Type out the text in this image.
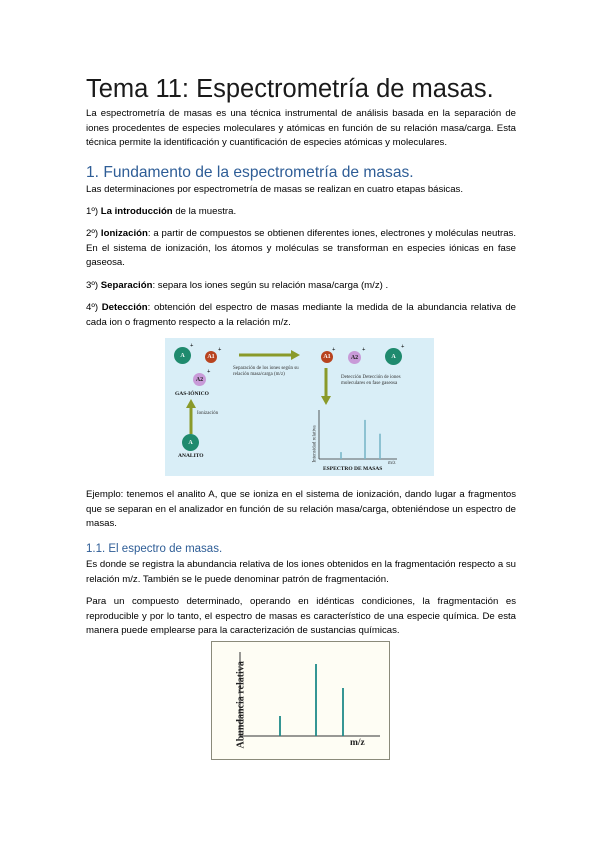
Tema 11: Espectrometría de masas.
La espectrometría de masas es una técnica instrumental de análisis basada en la separación de iones procedentes de especies moleculares y atómicas en función de su relación masa/carga. Esta técnica permite la identificación y cuantificación de especies atómicas y moleculares.
1. Fundamento de la espectrometría de masas.
Las determinaciones por espectrometría de masas se realizan en cuatro etapas básicas.
1º) La introducción de la muestra.
2º) Ionización: a partir de compuestos se obtienen diferentes iones, electrones y moléculas neutras. En el sistema de ionización, los átomos y moléculas se transforman en especies iónicas en fase gaseosa.
3º) Separación: separa los iones según su relación masa/carga (m/z) .
4º) Detección: obtención del espectro de masas mediante la medida de la abundancia relativa de cada ion o fragmento respecto a la relación m/z.
A
+
A1
+
A2
+
GAS-IÓNICO
Separación de los iones según su relación masa/carga (m/z)
Detección Detección de iones moleculares en fase gaseosa
Ionización
A
ANALITO
A1
+
A2
+
A
+
Intensidad relativa
m/z
ESPECTRO DE MASAS
Ejemplo: tenemos el analito A, que se ioniza en el sistema de ionización, dando lugar a fragmentos que se separan en el analizador en función de su relación masa/carga, obteniéndose un espectro de masas.
1.1. El espectro de masas.
Es donde se registra la abundancia relativa de los iones obtenidos en la fragmentación respecto a su relación m/z. También se le puede denominar patrón de fragmentación.
Para un compuesto determinado, operando en idénticas condiciones, la fragmentación es reproducible y por lo tanto, el espectro de masas es característico de una especie química. De esta manera puede emplearse para la caracterización de sustancias químicas.
Abundancia relativa	m/z
